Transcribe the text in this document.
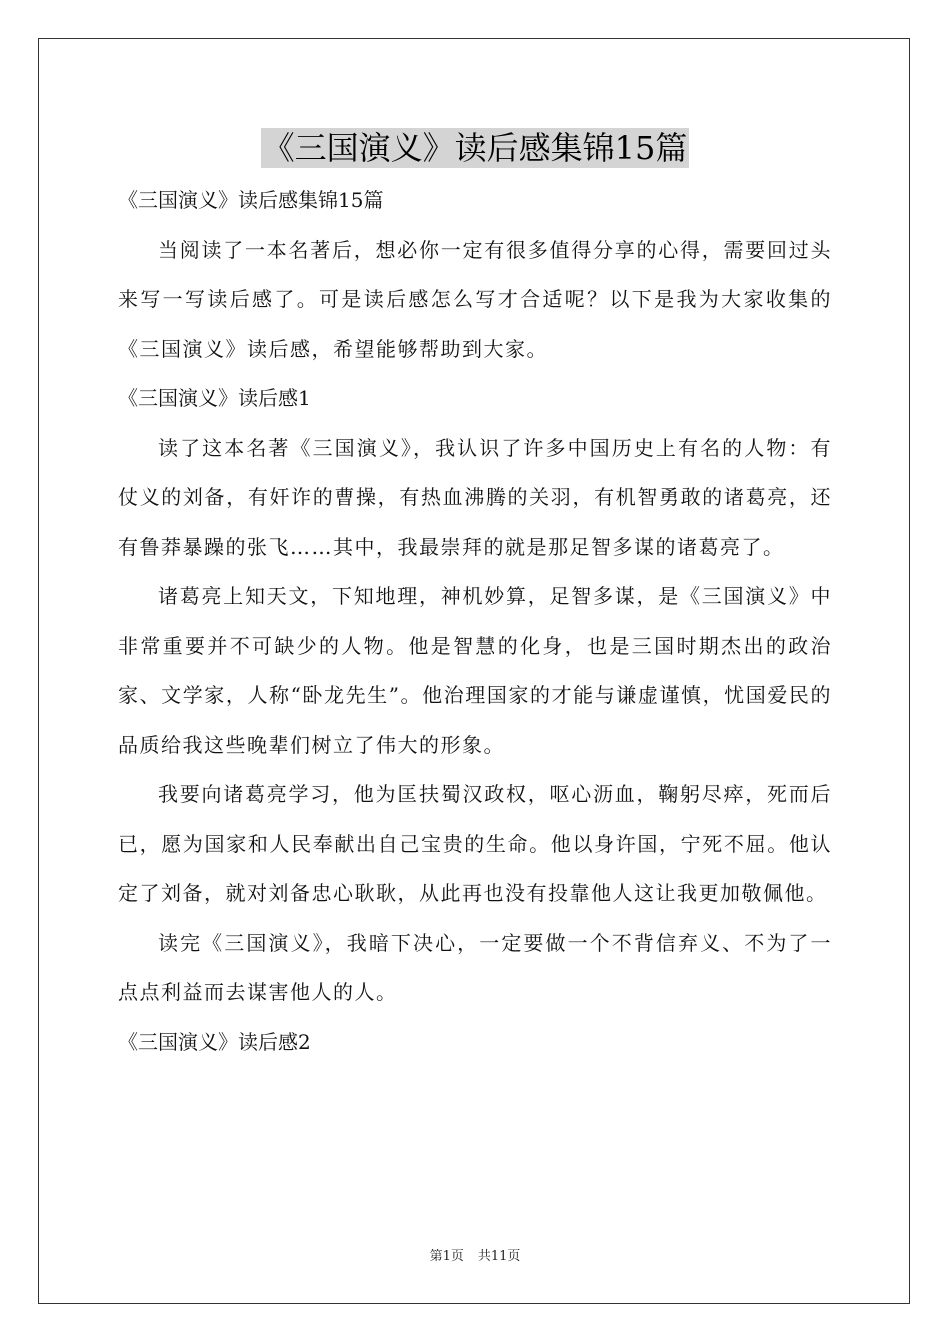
《三国演义》读后感集锦15篇

《三国演义》读后感集锦15篇

当阅读了一本名著后，想必你一定有很多值得分享的心得，需要回过头来写一写读后感了。可是读后感怎么写才合适呢？以下是我为大家收集的《三国演义》读后感，希望能够帮助到大家。

《三国演义》读后感1

读了这本名著《三国演义》，我认识了许多中国历史上有名的人物：有仗义的刘备，有奸诈的曹操，有热血沸腾的关羽，有机智勇敢的诸葛亮，还有鲁莽暴躁的张飞……其中，我最崇拜的就是那足智多谋的诸葛亮了。

诸葛亮上知天文，下知地理，神机妙算，足智多谋，是《三国演义》中非常重要并不可缺少的人物。他是智慧的化身，也是三国时期杰出的政治家、文学家，人称“卧龙先生”。他治理国家的才能与谦虚谨慎，忧国爱民的品质给我这些晚辈们树立了伟大的形象。

我要向诸葛亮学习，他为匡扶蜀汉政权，呕心沥血，鞠躬尽瘁，死而后已，愿为国家和人民奉献出自己宝贵的生命。他以身许国，宁死不屈。他认定了刘备，就对刘备忠心耿耿，从此再也没有投靠他人这让我更加敬佩他。

读完《三国演义》，我暗下决心，一定要做一个不背信弃义、不为了一点点利益而去谋害他人的人。

《三国演义》读后感2

第1页 共11页
